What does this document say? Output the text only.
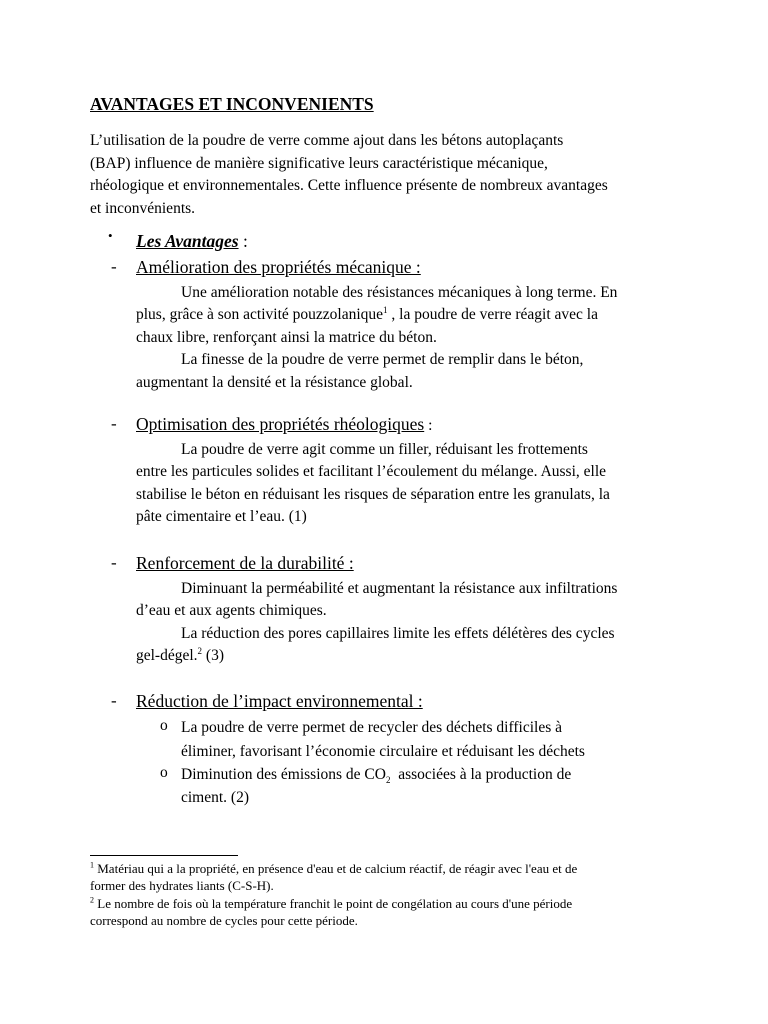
AVANTAGES ET INCONVENIENTS
L’utilisation de la poudre de verre comme ajout dans les bétons autoplaçants
(BAP) influence de manière significative leurs caractéristique mécanique,
rhéologique et environnementales. Cette influence présente de nombreux avantages
et inconvénients.
• Les Avantages :
- Amélioration des propriétés mécanique :
Une amélioration notable des résistances mécaniques à long terme. En
plus, grâce à son activité pouzzolanique$^1$ , la poudre de verre réagit avec la
chaux libre, renforçant ainsi la matrice du béton.
La finesse de la poudre de verre permet de remplir dans le béton,
augmentant la densité et la résistance global.
- Optimisation des propriétés rhéologiques :
La poudre de verre agit comme un filler, réduisant les frottements
entre les particules solides et facilitant l’écoulement du mélange. Aussi, elle
stabilise le béton en réduisant les risques de séparation entre les granulats, la
pâte cimentaire et l’eau. (1)
- Renforcement de la durabilité :
Diminuant la perméabilité et augmentant la résistance aux infiltrations
d’eau et aux agents chimiques.
La réduction des pores capillaires limite les effets délétères des cycles
gel-dégel.$^2$ (3)
- Réduction de l’impact environnemental :
o La poudre de verre permet de recycler des déchets difficiles à
éliminer, favorisant l’économie circulaire et réduisant les déchets
o Diminution des émissions de $CO_2$  associées à la production de
ciment. (2)
$^1$ Matériau qui a la propriété, en présence d'eau et de calcium réactif, de réagir avec l'eau et de
former des hydrates liants (C-S-H).
$^2$ Le nombre de fois où la température franchit le point de congélation au cours d'une période
correspond au nombre de cycles pour cette période.
